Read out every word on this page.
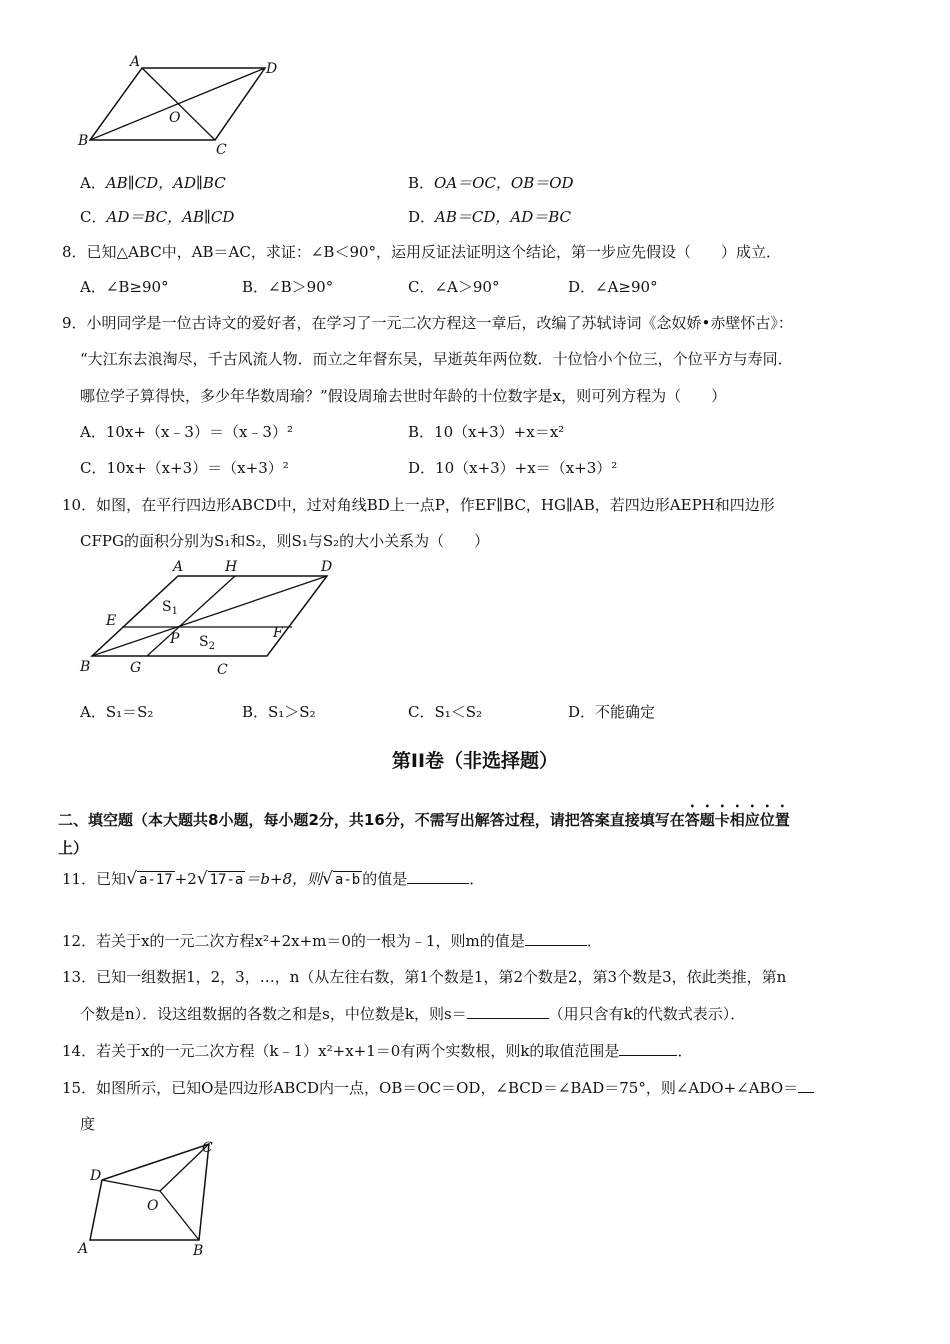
A	D
B
C
O
A．AB∥CD，AD∥BC	B．OA＝OC，OB＝OD
C．AD＝BC，AB∥CD	D．AB＝CD，AD＝BC
8．已知△ABC中，AB＝AC，求证：∠B＜90°，运用反证法证明这个结论，第一步应先假设（　　）成立．
A．∠B≥90°	B．∠B＞90°	C．∠A＞90°	D．∠A≥90°
9．小明同学是一位古诗文的爱好者，在学习了一元二次方程这一章后，改编了苏轼诗词《念奴娇•赤壁怀古》：
“大江东去浪淘尽，千古风流人物．而立之年督东吴，早逝英年两位数．十位恰小个位三，个位平方与寿同．
哪位学子算得快，多少年华数周瑜？”假设周瑜去世时年龄的十位数字是x，则可列方程为（　　）
A．10x+（x﹣3）＝（x﹣3）²	B．10（x+3）+x＝x²
C．10x+（x+3）＝（x+3）²	D．10（x+3）+x＝（x+3）²
10．如图，在平行四边形ABCD中，过对角线BD上一点P，作EF∥BC，HG∥AB，若四边形AEPH和四边形
CFPG的面积分别为S₁和S₂，则S₁与S₂的大小关系为（　　）
A	H	D
E
F
P
B	G	C
$S_1$
$S_2$
A．S₁＝S₂	B．S₁＞S₂	C．S₁＜S₂	D．不能确定
第II卷（非选择题）
二、填空题（本大题共8小题，每小题2分，共16分，不需写出解答过程，请把答案直接填写在答题卡相应位置
上）
11．已知√ a-17 +2√ 17-a ＝b+8，则√ a-b 的值是	．
12．若关于x的一元二次方程x²+2x+m＝0的一根为﹣1，则m的值是	．
13．已知一组数据1，2，3，…，n（从左往右数，第1个数是1，第2个数是2，第3个数是3，依此类推，第n
个数是n）．设这组数据的各数之和是s，中位数是k，则s＝	（用只含有k的代数式表示）．
14．若关于x的一元二次方程（k﹣1）x²+x+1＝0有两个实数根，则k的取值范围是	．
15．如图所示，已知O是四边形ABCD内一点，OB＝OC＝OD，∠BCD＝∠BAD＝75°，则∠ADO+∠ABO＝
度
C
D
O
A	B
